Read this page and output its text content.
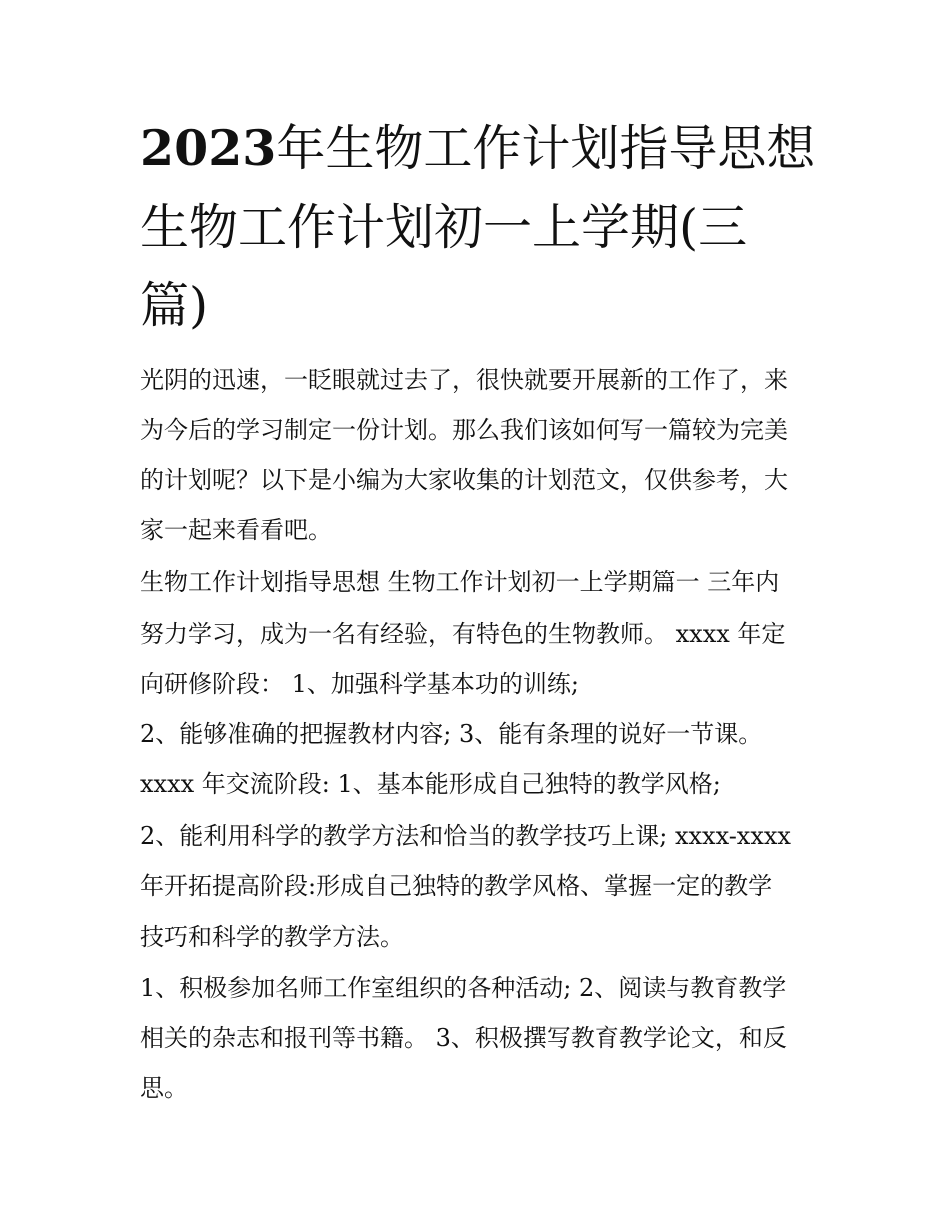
2023年生物工作计划指导思想
生物工作计划初一上学期(三
篇)

光阴的迅速，一眨眼就过去了，很快就要开展新的工作了，来

为今后的学习制定一份计划。那么我们该如何写一篇较为完美

的计划呢？以下是小编为大家收集的计划范文，仅供参考，大

家一起来看看吧。

生物工作计划指导思想 生物工作计划初一上学期篇一 三年内

努力学习，成为一名有经验，有特色的生物教师。 xxxx 年定

向研修阶段： 1、加强科学基本功的训练;

2、能够准确的把握教材内容; 3、能有条理的说好一节课。

xxxx 年交流阶段: 1、基本能形成自己独特的教学风格;

2、能利用科学的教学方法和恰当的教学技巧上课; xxxx-xxxx

年开拓提高阶段:形成自己独特的教学风格、掌握一定的教学

技巧和科学的教学方法。

1、积极参加名师工作室组织的各种活动; 2、阅读与教育教学

相关的杂志和报刊等书籍。 3、积极撰写教育教学论文，和反

思。
